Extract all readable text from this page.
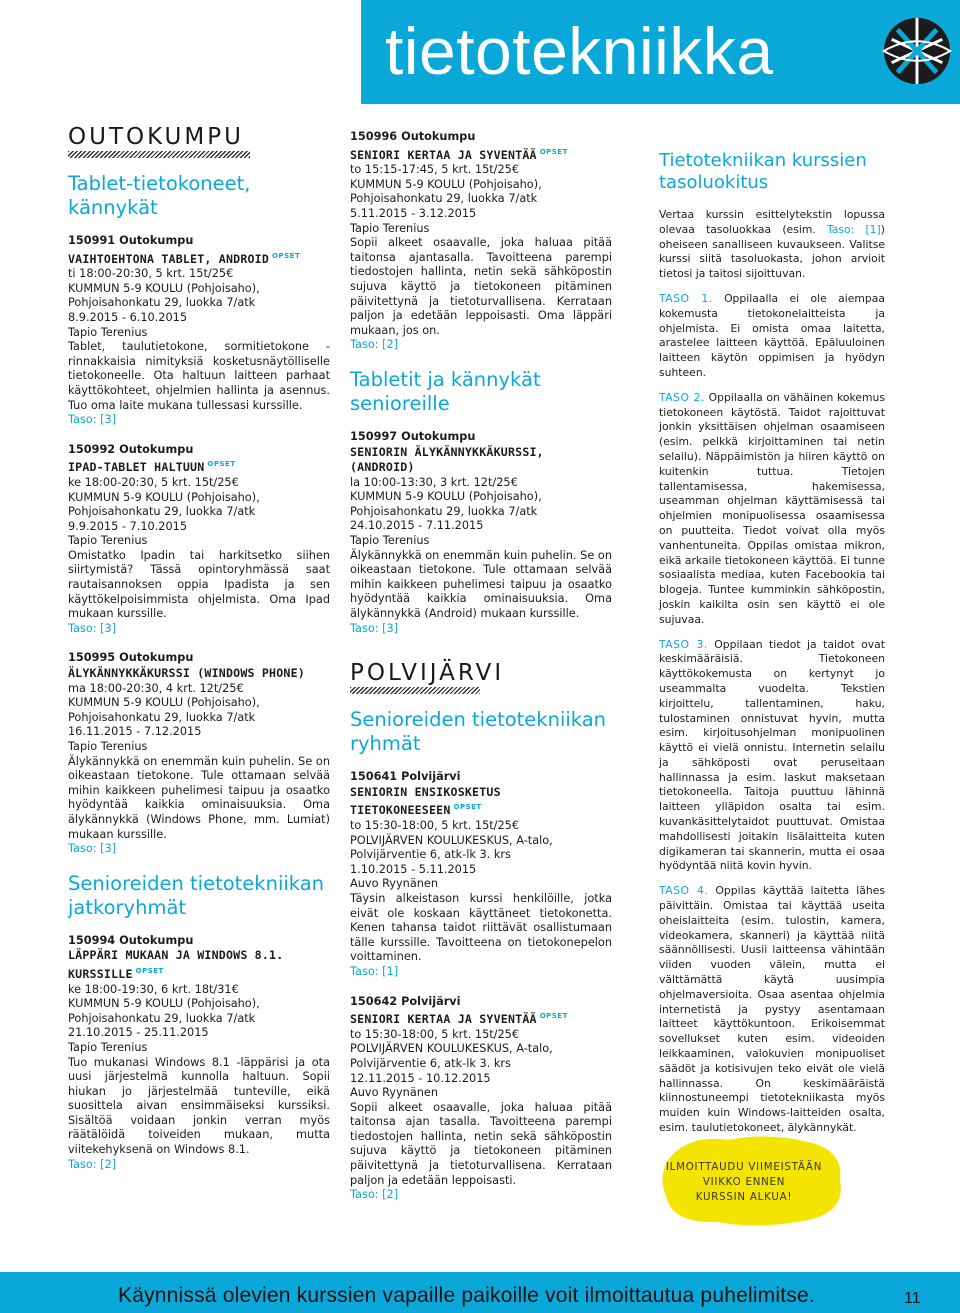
tietotekniikka
OUTOKUMPU
Tablet-tietokoneet, kännykät
150991 Outokumpu
VAIHTOEHTONA TABLET, ANDROID $^{OPSET}$
ti 18:00-20:30, 5 krt. 15t/25€
KUMMUN 5-9 KOULU (Pohjoisaho),
Pohjoisahonkatu 29, luokka 7/atk
8.9.2015 - 6.10.2015
Tapio Terenius
Tablet, taulutietokone, sormitietokone - rinnakkaisia nimityksiä kosketusnäytölliselle tietokoneelle. Ota haltuun laitteen parhaat käyttökohteet, ohjelmien hallinta ja asennus. Tuo oma laite mukana tullessasi kurssille.
Taso: [3]
150992 Outokumpu
IPAD-TABLET HALTUUN $^{OPSET}$
ke 18:00-20:30, 5 krt. 15t/25€
KUMMUN 5-9 KOULU (Pohjoisaho),
Pohjoisahonkatu 29, luokka 7/atk
9.9.2015 - 7.10.2015
Tapio Terenius
Omistatko Ipadin tai harkitsetko siihen siirtymistä? Tässä opintoryhmässä saat rautaisannoksen oppia Ipadista ja sen käyttökelpoisimmista ohjelmista. Oma Ipad mukaan kurssille.
Taso: [3]
150995 Outokumpu
ÄLYKÄNNYKKÄKURSSI (WINDOWS PHONE)
ma 18:00-20:30, 4 krt. 12t/25€
KUMMUN 5-9 KOULU (Pohjoisaho),
Pohjoisahonkatu 29, luokka 7/atk
16.11.2015 - 7.12.2015
Tapio Terenius
Älykännykkä on enemmän kuin puhelin. Se on oikeastaan tietokone. Tule ottamaan selvää mihin kaikkeen puhelimesi taipuu ja osaatko hyödyntää kaikkia ominaisuuksia. Oma älykännykkä (Windows Phone, mm. Lumiat) mukaan kurssille.
Taso: [3]
Senioreiden tietotekniikan jatkoryhmät
150994 Outokumpu
LÄPPÄRI MUKAAN JA WINDOWS 8.1. KURSSILLE $^{OPSET}$
ke 18:00-19:30, 6 krt. 18t/31€
KUMMUN 5-9 KOULU (Pohjoisaho),
Pohjoisahonkatu 29, luokka 7/atk
21.10.2015 - 25.11.2015
Tapio Terenius
Tuo mukanasi Windows 8.1 -läppärisi ja ota uusi järjestelmä kunnolla haltuun. Sopii hiukan jo järjestelmää tunteville, eikä suosittela aivan ensimmäiseksi kurssiksi. Sisältöä voidaan jonkin verran myös räätälöidä toiveiden mukaan, mutta viitekehyksenä on Windows 8.1.
Taso: [2]
150996 Outokumpu
SENIORI KERTAA JA SYVENTÄÄ $^{OPSET}$
to 15:15-17:45, 5 krt. 15t/25€
KUMMUN 5-9 KOULU (Pohjoisaho),
Pohjoisahonkatu 29, luokka 7/atk
5.11.2015 - 3.12.2015
Tapio Terenius
Sopii alkeet osaavalle, joka haluaa pitää taitonsa ajantasalla. Tavoitteena parempi tiedostojen hallinta, netin sekä sähköpostin sujuva käyttö ja tietokoneen pitäminen päivitettynä ja tietoturvallisena. Kerrataan paljon ja edetään leppoisasti. Oma läppäri mukaan, jos on.
Taso: [2]
Tabletit ja kännykät senioreille
150997 Outokumpu
SENIORIN ÄLYKÄNNYKKÄKURSSI, (ANDROID)
la 10:00-13:30, 3 krt. 12t/25€
KUMMUN 5-9 KOULU (Pohjoisaho),
Pohjoisahonkatu 29, luokka 7/atk
24.10.2015 - 7.11.2015
Tapio Terenius
Älykännykkä on enemmän kuin puhelin. Se on oikeastaan tietokone. Tule ottamaan selvää mihin kaikkeen puhelimesi taipuu ja osaatko hyödyntää kaikkia ominaisuuksia. Oma älykännykkä (Android) mukaan kurssille.
Taso: [3]
POLVIJÄRVI
Senioreiden tietotekniikan ryhmät
150641 Polvijärvi
SENIORIN ENSIKOSKETUS TIETOKONEESEEN $^{OPSET}$
to 15:30-18:00, 5 krt. 15t/25€
POLVIJÄRVEN KOULUKESKUS, A-talo,
Polvijärventie 6, atk-lk 3. krs
1.10.2015 - 5.11.2015
Auvo Ryynänen
Täysin alkeistason kurssi henkilöille, jotka eivät ole koskaan käyttäneet tietokonetta. Kenen tahansa taidot riittävät osallistumaan tälle kurssille. Tavoitteena on tietokonepelon voittaminen.
Taso: [1]
150642 Polvijärvi
SENIORI KERTAA JA SYVENTÄÄ $^{OPSET}$
to 15:30-18:00, 5 krt. 15t/25€
POLVIJÄRVEN KOULUKESKUS, A-talo,
Polvijärventie 6, atk-lk 3. krs
12.11.2015 - 10.12.2015
Auvo Ryynänen
Sopii alkeet osaavalle, joka haluaa pitää taitonsa ajan tasalla. Tavoitteena parempi tiedostojen hallinta, netin sekä sähköpostin sujuva käyttö ja tietokoneen pitäminen päivitettynä ja tietoturvallisena. Kerrataan paljon ja edetään leppoisasti.
Taso: [2]
Tietotekniikan kurssien tasoluokitus

Vertaa kurssin esittelytekstin lopussa olevaa tasoluokkaa (esim. Taso: [1]) oheiseen sanalliseen kuvaukseen. Valitse kurssi siitä tasoluokasta, johon arvioit tietosi ja taitosi sijoittuvan.

TASO 1. Oppilaalla ei ole aiempaa kokemusta tietokonelaitteista ja ohjelmista. Ei omista omaa laitetta, arastelee laitteen käyttöä. Epäluuloinen laitteen käytön oppimisen ja hyödyn suhteen.

TASO 2. Oppilaalla on vähäinen kokemus tietokoneen käytöstä. Taidot rajoittuvat jonkin yksittäisen ohjelman osaamiseen (esim. pelkkä kirjoittaminen tai netin selailu). Näppäimistön ja hiiren käyttö on kuitenkin tuttua. Tietojen tallentamisessa, hakemisessa, useamman ohjelman käyttämisessä tai ohjelmien monipuolisessa osaamisessa on puutteita. Tiedot voivat olla myös vanhentuneita. Oppilas omistaa mikron, eikä arkaile tietokoneen käyttöä. Ei tunne sosiaalista mediaa, kuten Facebookia tai blogeja. Tuntee kumminkin sähköpostin, joskin kaikilta osin sen käyttö ei ole sujuvaa.

TASO 3. Oppilaan tiedot ja taidot ovat keskimääräisiä. Tietokoneen käyttökokemusta on kertynyt jo useammalta vuodelta. Tekstien kirjoittelu, tallentaminen, haku, tulostaminen onnistuvat hyvin, mutta esim. kirjoitusohjelman monipuolinen käyttö ei vielä onnistu. Internetin selailu ja sähköposti ovat peruseitaan hallinnassa ja esim. laskut maksetaan tietokoneella. Taitoja puuttuu lähinnä laitteen ylläpidon osalta tai esim. kuvankäsittelytaidot puuttuvat. Omistaa mahdollisesti joitakin lisälaitteita kuten digikameran tai skannerin, mutta ei osaa hyödyntää niitä kovin hyvin.

TASO 4. Oppilas käyttää laitetta lähes päivittäin. Omistaa tai käyttää useita oheislaitteita (esim. tulostin, kamera, videokamera, skanneri) ja käyttää niitä säännöllisesti. Uusii laitteensa vähintään viiden vuoden välein, mutta ei välttämättä käytä uusimpia ohjelmaversioita. Osaa asentaa ohjelmia internetistä ja pystyy asentamaan laitteet käyttökuntoon. Erikoisemmat sovellukset kuten esim. videoiden leikkaaminen, valokuvien monipuoliset säädöt ja kotisivujen teko eivät ole vielä hallinnassa. On keskimääräistä kiinnostuneempi tietotekniikasta myös muiden kuin Windows-laitteiden osalta, esim. taulutietokoneet, älykännykät.

ILMOITTAUDU VIIMEISTÄÄN
VIIKKO ENNEN
KURSSIN ALKUA!
Käynnissä olevien kurssien vapaille paikoille voit ilmoittautua puhelimitse.	11
